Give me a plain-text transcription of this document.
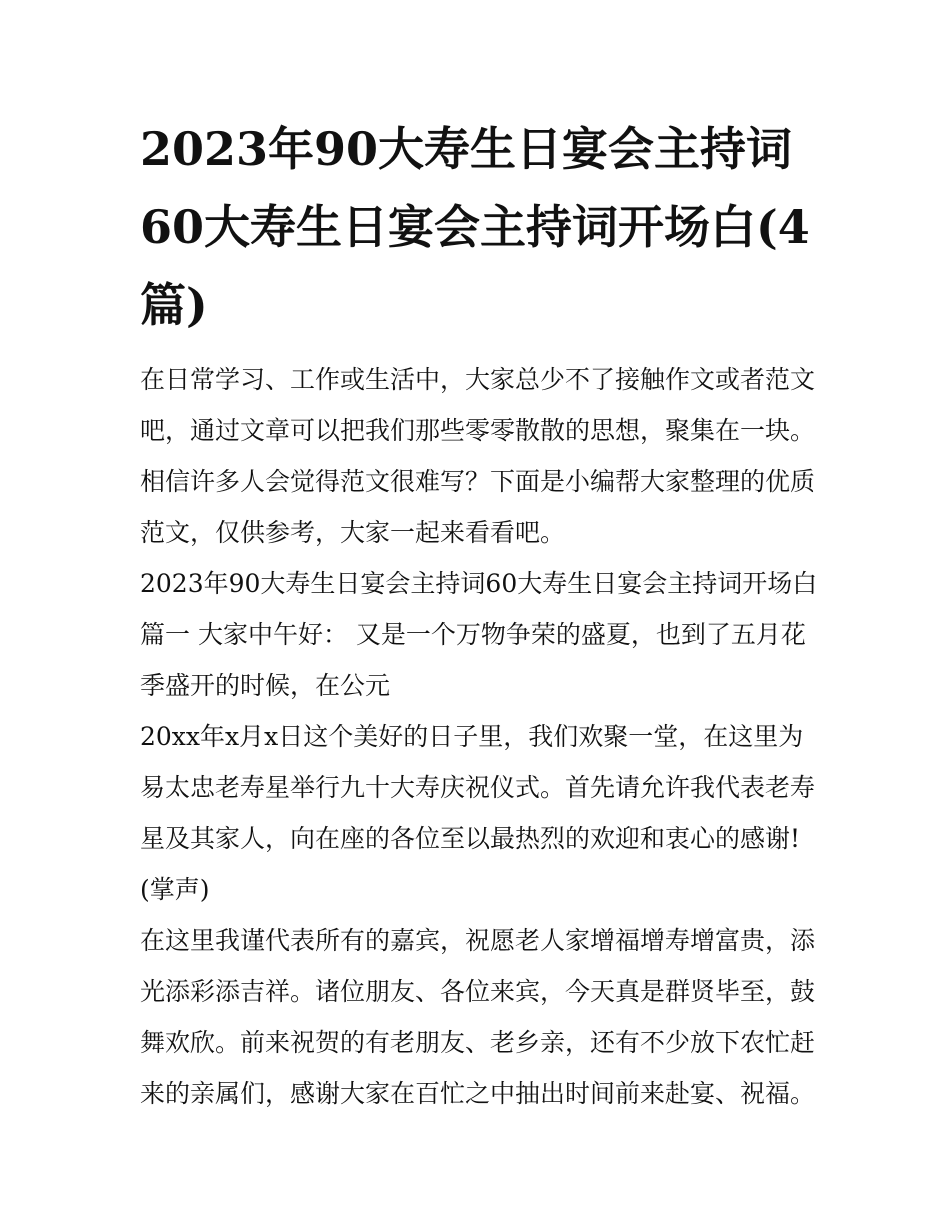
2023年90大寿生日宴会主持词60大寿生日宴会主持词开场白(4篇)

在日常学习、工作或生活中，大家总少不了接触作文或者范文吧，通过文章可以把我们那些零零散散的思想，聚集在一块。相信许多人会觉得范文很难写？下面是小编帮大家整理的优质范文，仅供参考，大家一起来看看吧。

2023年90大寿生日宴会主持词60大寿生日宴会主持词开场白篇一 大家中午好： 又是一个万物争荣的盛夏，也到了五月花季盛开的时候，在公元

20xx年x月x日这个美好的日子里，我们欢聚一堂，在这里为易太忠老寿星举行九十大寿庆祝仪式。首先请允许我代表老寿星及其家人，向在座的各位至以最热烈的欢迎和衷心的感谢!

(掌声)

在这里我谨代表所有的嘉宾，祝愿老人家增福增寿增富贵，添光添彩添吉祥。诸位朋友、各位来宾，今天真是群贤毕至，鼓舞欢欣。前来祝贺的有老朋友、老乡亲，还有不少放下农忙赶来的亲属们，感谢大家在百忙之中抽出时间前来赴宴、祝福。
